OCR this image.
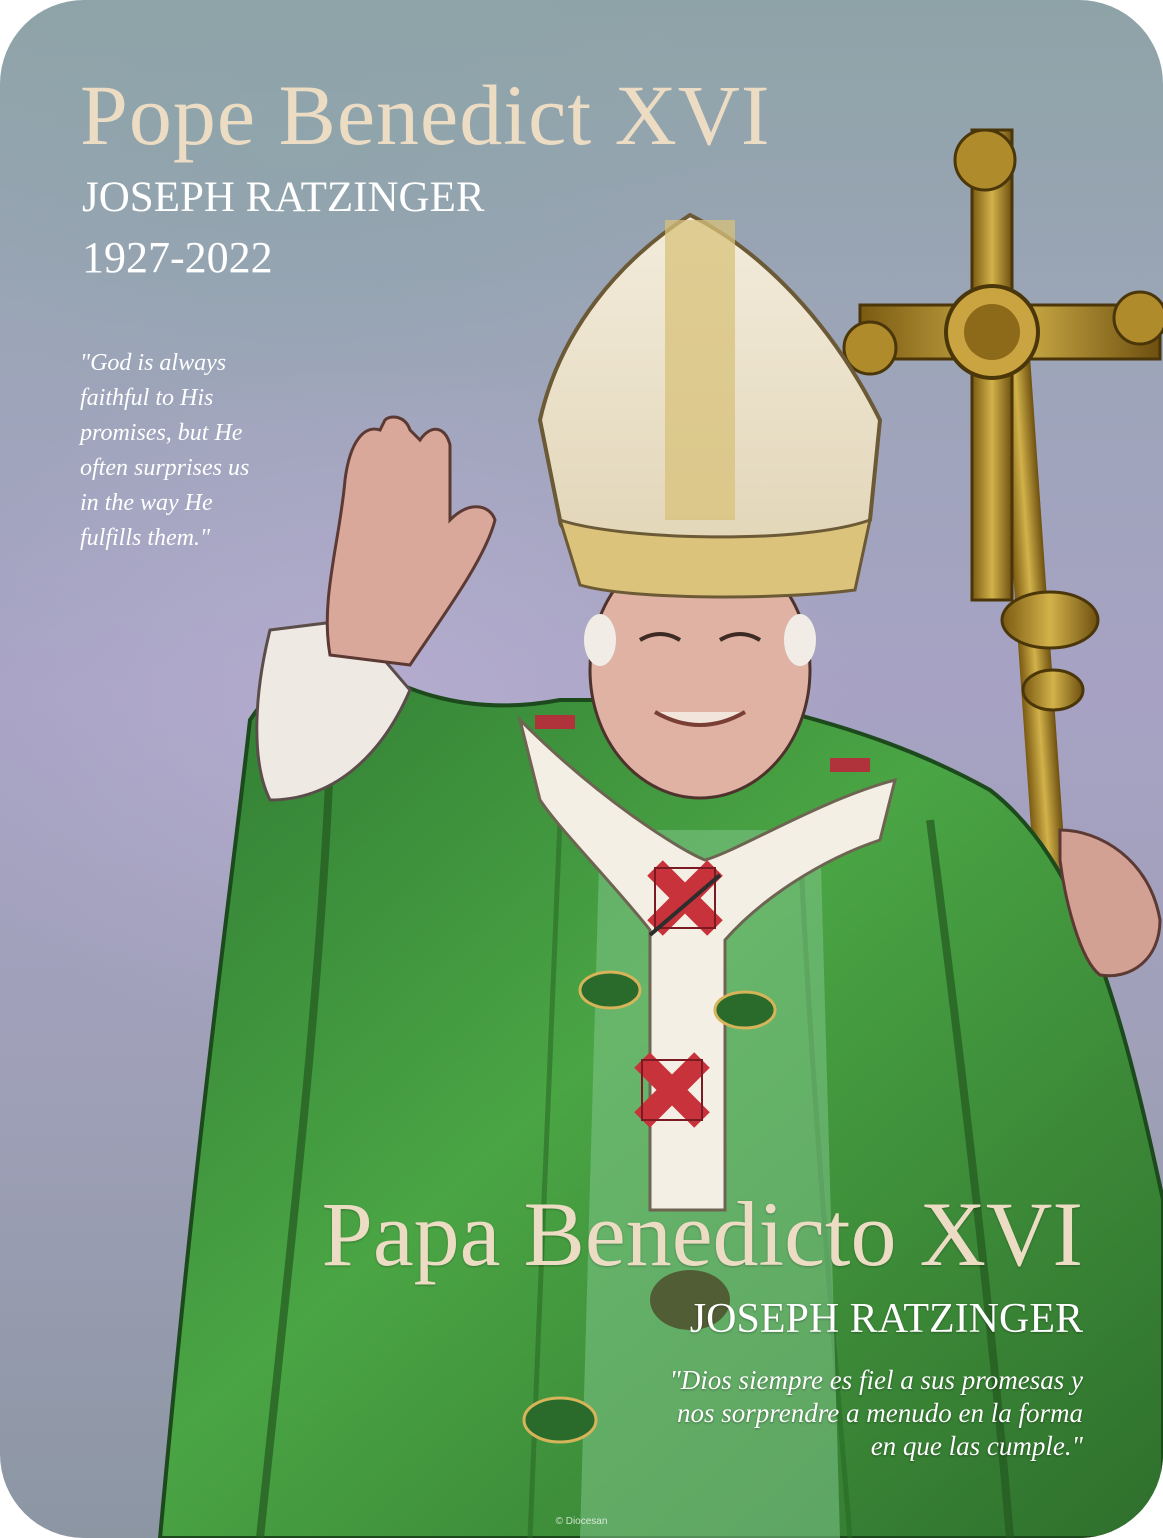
Pope Benedict XVI
JOSEPH RATZINGER
1927-2022

"God is always
faithful to His
promises, but He
often surprises us
in the way He
fulfills them."

Papa Benedicto XVI
JOSEPH RATZINGER

"Dios siempre es fiel a sus promesas y
nos sorprendre a menudo en la forma
en que las cumple."

© Diocesan
